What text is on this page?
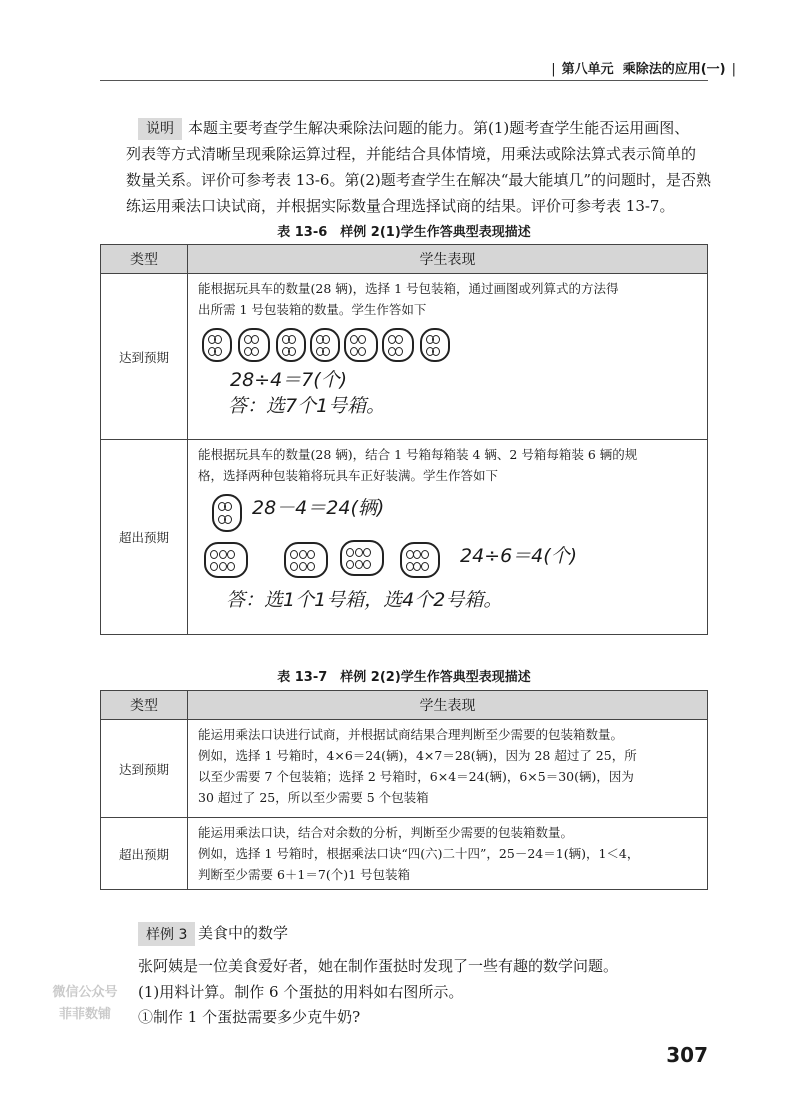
| 第八单元 乘除法的应用(一) |
说明 本题主要考查学生解决乘除法问题的能力。第(1)题考查学生能否运用画图、
列表等方式清晰呈现乘除运算过程，并能结合具体情境，用乘法或除法算式表示简单的
数量关系。评价可参考表 13-6。第(2)题考查学生在解决“最大能填几”的问题时，是否熟
练运用乘法口诀试商，并根据实际数量合理选择试商的结果。评价可参考表 13-7。
表 13-6　样例 2(1)学生作答典型表现描述
类型	学生表现
达到预期	能根据玩具车的数量(28 辆)，选择 1 号包装箱，通过画图或列算式的方法得
出所需 1 号包装箱的数量。学生作答如下
28÷4＝7(个)
答：选7个1号箱。

超出预期	能根据玩具车的数量(28 辆)，结合 1 号箱每箱装 4 辆、2 号箱每箱装 6 辆的规
格，选择两种包装箱将玩具车正好装满。学生作答如下
28－4＝24(辆)
24÷6＝4(个)
答：选1个1号箱，选4个2号箱。
表 13-7　样例 2(2)学生作答典型表现描述
类型	学生表现
达到预期	能运用乘法口诀进行试商，并根据试商结果合理判断至少需要的包装箱数量。
例如，选择 1 号箱时，4×6＝24(辆)，4×7＝28(辆)，因为 28 超过了 25，所
以至少需要 7 个包装箱；选择 2 号箱时，6×4＝24(辆)，6×5＝30(辆)，因为
30 超过了 25，所以至少需要 5 个包装箱

超出预期	能运用乘法口诀，结合对余数的分析，判断至少需要的包装箱数量。
例如，选择 1 号箱时，根据乘法口诀“四(六)二十四”，25－24＝1(辆)，1＜4，
判断至少需要 6＋1＝7(个)1 号包装箱
样例 3 美食中的数学
张阿姨是一位美食爱好者，她在制作蛋挞时发现了一些有趣的数学问题。
(1)用料计算。制作 6 个蛋挞的用料如右图所示。
①制作 1 个蛋挞需要多少克牛奶?
微信公众号
菲菲数铺
307
